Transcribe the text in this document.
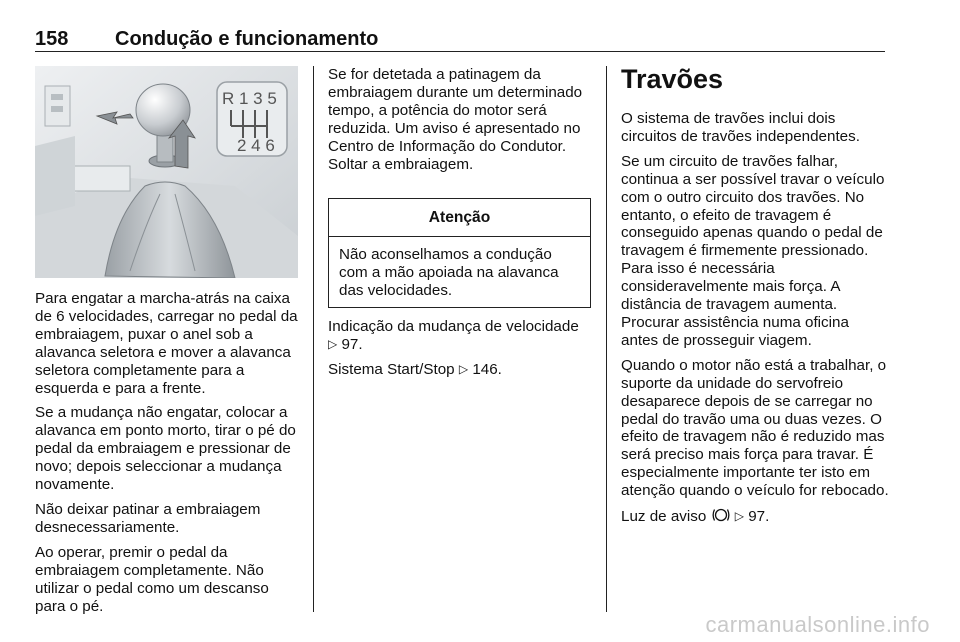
158 Condução e funcionamento
R 1 3 5
2 4 6

Para engatar a marcha-atrás na caixa de 6 velocidades, carregar no pedal da embraiagem, puxar o anel sob a alavanca seletora e mover a alavanca seletora completamente para a esquerda e para a frente.

Se a mudança não engatar, colocar a alavanca em ponto morto, tirar o pé do pedal da embraiagem e pressionar de novo; depois seleccionar a mudança novamente.

Não deixar patinar a embraiagem desnecessariamente.

Ao operar, premir o pedal da embraiagem completamente. Não utilizar o pedal como um descanso para o pé.

Se for detetada a patinagem da embraiagem durante um determinado tempo, a potência do motor será reduzida. Um aviso é apresentado no Centro de Informação do Condutor. Soltar a embraiagem.

Indicação da mudança de velocidade
▷ 97.

Sistema Start/Stop ▷ 146.

Atenção
Não aconselhamos a condução com a mão apoiada na alavanca das velocidades.
Travões

O sistema de travões inclui dois circuitos de travões independentes.

Se um circuito de travões falhar, continua a ser possível travar o veículo com o outro circuito dos travões. No entanto, o efeito de travagem é conseguido apenas quando o pedal de travagem é firmemente pressionado. Para isso é necessária consideravelmente mais força. A distância de travagem aumenta. Procurar assistência numa oficina antes de prosseguir viagem.

Quando o motor não está a trabalhar, o suporte da unidade do servofreio desaparece depois de se carregar no pedal do travão uma ou duas vezes. O efeito de travagem não é reduzido mas será preciso mais força para travar. É especialmente importante ter isto em atenção quando o veículo for rebocado.

Luz de aviso ▷ 97.

carmanualsonline.info
